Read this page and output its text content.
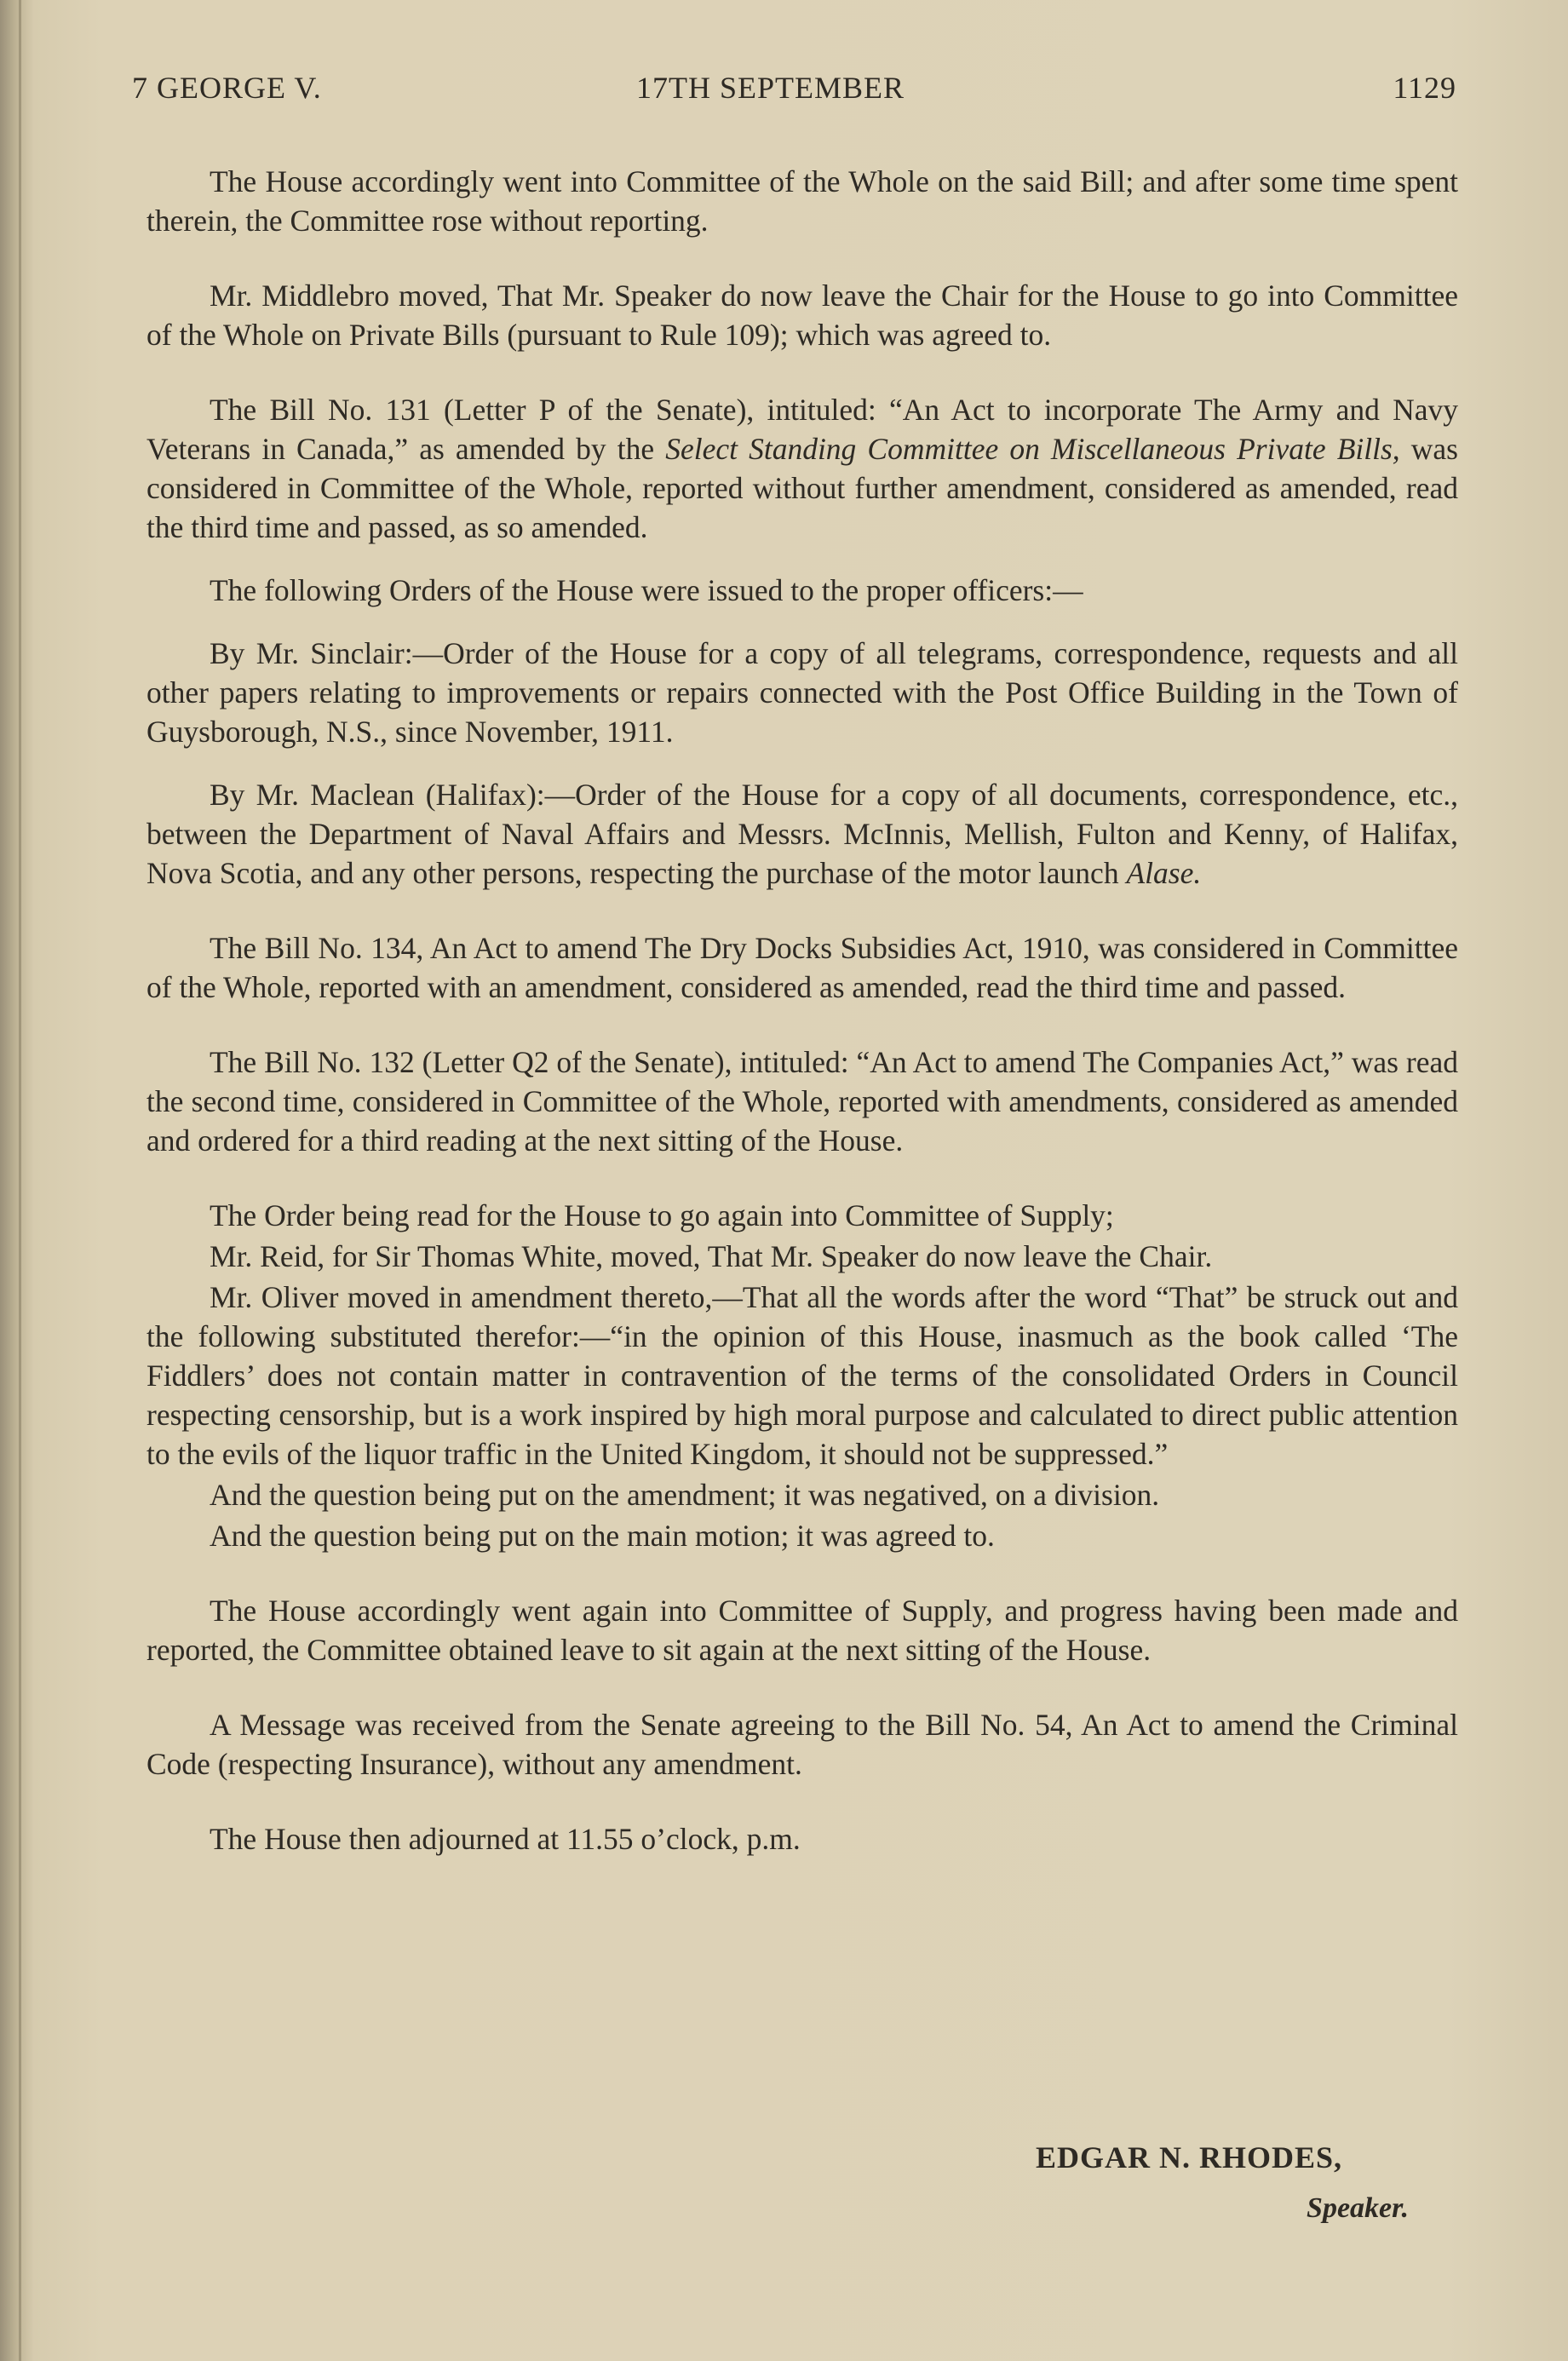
7 GEORGE V.	17TH SEPTEMBER	1129

The House accordingly went into Committee of the Whole on the said Bill; and after some time spent therein, the Committee rose without reporting.

Mr. Middlebro moved, That Mr. Speaker do now leave the Chair for the House to go into Committee of the Whole on Private Bills (pursuant to Rule 109); which was agreed to.

The Bill No. 131 (Letter P of the Senate), intituled: “An Act to incorporate The Army and Navy Veterans in Canada,” as amended by the Select Standing Committee on Miscellaneous Private Bills, was considered in Committee of the Whole, reported without further amendment, considered as amended, read the third time and passed, as so amended.

The following Orders of the House were issued to the proper officers:—

By Mr. Sinclair:—Order of the House for a copy of all telegrams, correspondence, requests and all other papers relating to improvements or repairs connected with the Post Office Building in the Town of Guysborough, N.S., since November, 1911.

By Mr. Maclean (Halifax):—Order of the House for a copy of all documents, correspondence, etc., between the Department of Naval Affairs and Messrs. McInnis, Mellish, Fulton and Kenny, of Halifax, Nova Scotia, and any other persons, respecting the purchase of the motor launch Alase.

The Bill No. 134, An Act to amend The Dry Docks Subsidies Act, 1910, was considered in Committee of the Whole, reported with an amendment, considered as amended, read the third time and passed.

The Bill No. 132 (Letter Q2 of the Senate), intituled: “An Act to amend The Companies Act,” was read the second time, considered in Committee of the Whole, reported with amendments, considered as amended and ordered for a third reading at the next sitting of the House.

The Order being read for the House to go again into Committee of Supply;

Mr. Reid, for Sir Thomas White, moved, That Mr. Speaker do now leave the Chair.

Mr. Oliver moved in amendment thereto,—That all the words after the word “That” be struck out and the following substituted therefor:—“in the opinion of this House, inasmuch as the book called ‘The Fiddlers’ does not contain matter in contravention of the terms of the consolidated Orders in Council respecting censorship, but is a work inspired by high moral purpose and calculated to direct public attention to the evils of the liquor traffic in the United Kingdom, it should not be suppressed.”

And the question being put on the amendment; it was negatived, on a division.

And the question being put on the main motion; it was agreed to.

The House accordingly went again into Committee of Supply, and progress having been made and reported, the Committee obtained leave to sit again at the next sitting of the House.

A Message was received from the Senate agreeing to the Bill No. 54, An Act to amend the Criminal Code (respecting Insurance), without any amendment.

The House then adjourned at 11.55 o’clock, p.m.

EDGAR N. RHODES,
Speaker.
